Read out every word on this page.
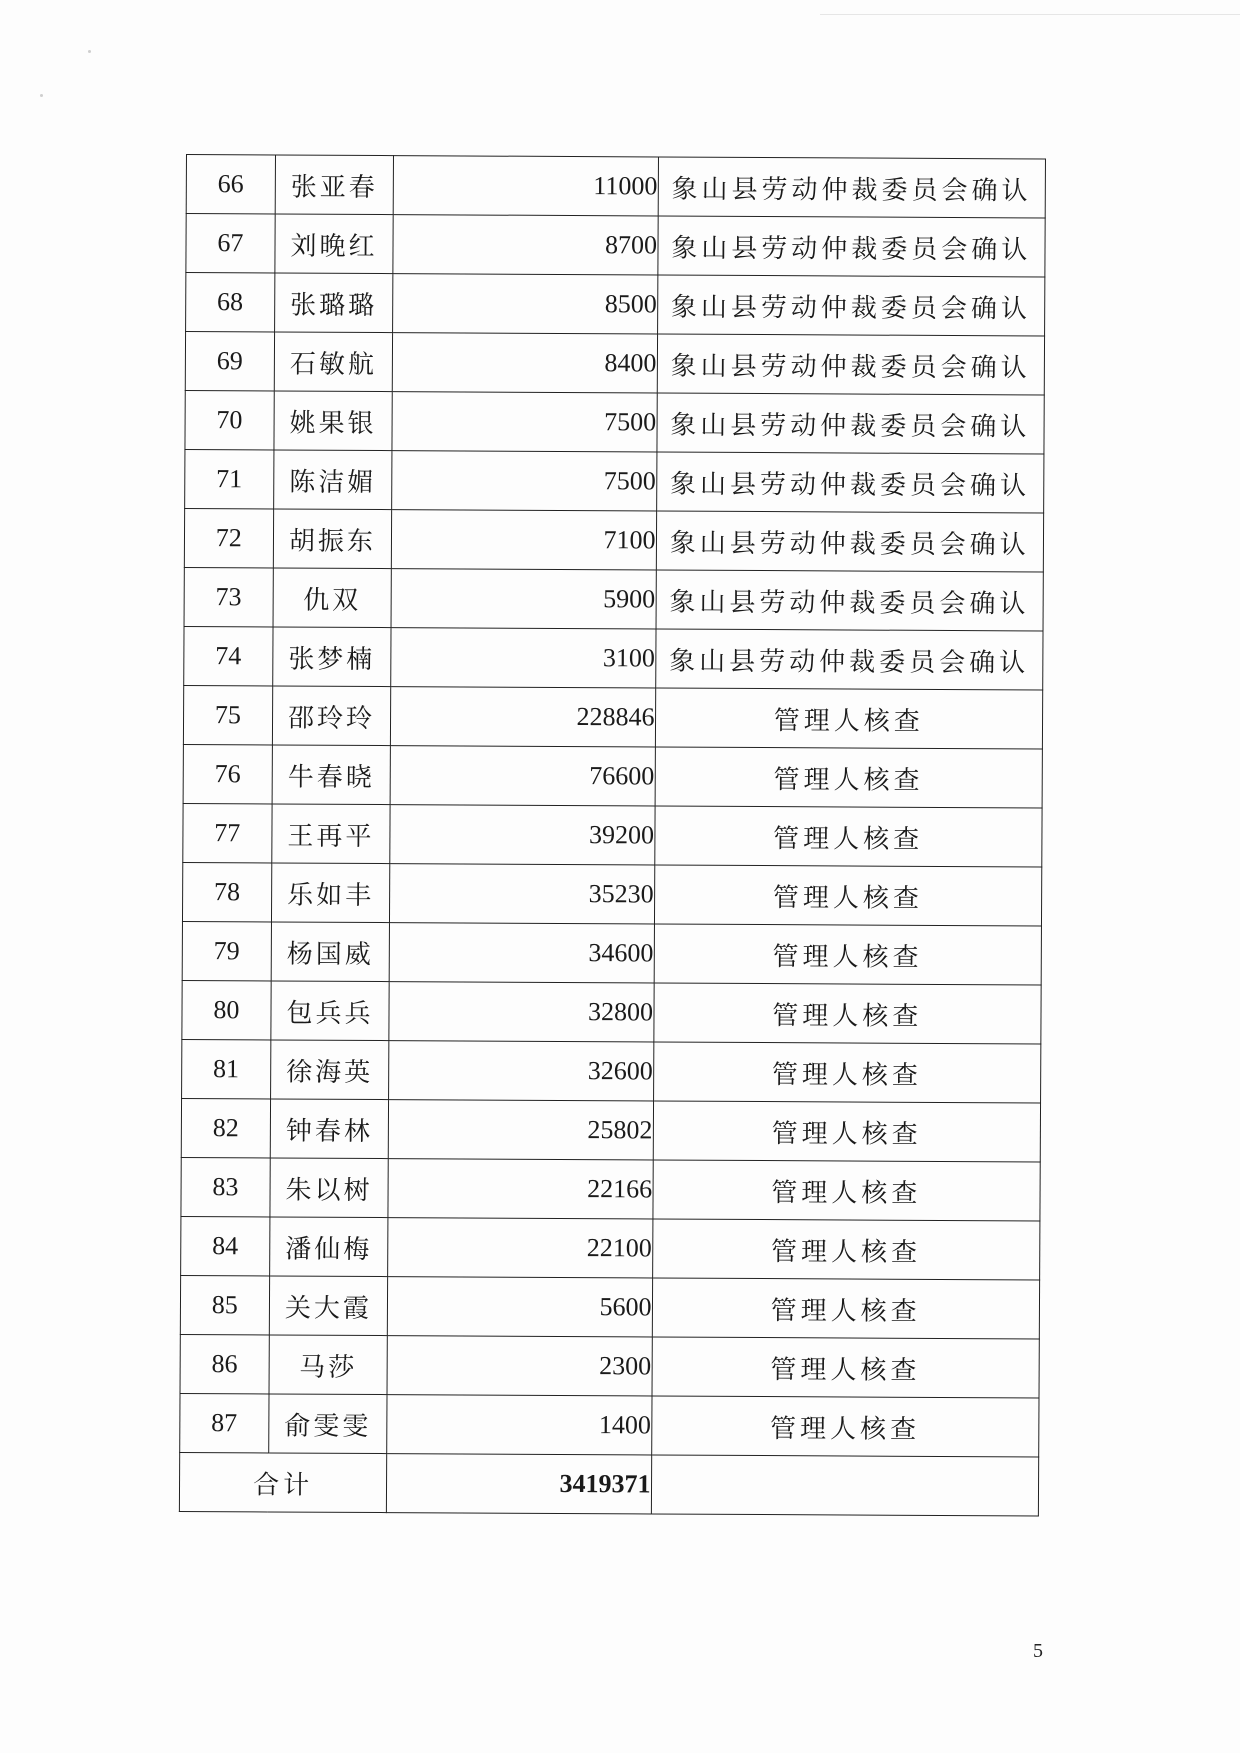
66	张亚春	11000	象山县劳动仲裁委员会确认
67	刘晚红	8700	象山县劳动仲裁委员会确认
68	张璐璐	8500	象山县劳动仲裁委员会确认
69	石敏航	8400	象山县劳动仲裁委员会确认
70	姚果银	7500	象山县劳动仲裁委员会确认
71	陈洁媚	7500	象山县劳动仲裁委员会确认
72	胡振东	7100	象山县劳动仲裁委员会确认
73	仇双	5900	象山县劳动仲裁委员会确认
74	张梦楠	3100	象山县劳动仲裁委员会确认
75	邵玲玲	228846	管理人核查
76	牛春晓	76600	管理人核查
77	王再平	39200	管理人核查
78	乐如丰	35230	管理人核查
79	杨国威	34600	管理人核查
80	包兵兵	32800	管理人核查
81	徐海英	32600	管理人核查
82	钟春林	25802	管理人核查
83	朱以树	22166	管理人核查
84	潘仙梅	22100	管理人核查
85	关大霞	5600	管理人核查
86	马莎	2300	管理人核查
87	俞雯雯	1400	管理人核查
合计		3419371	
5
